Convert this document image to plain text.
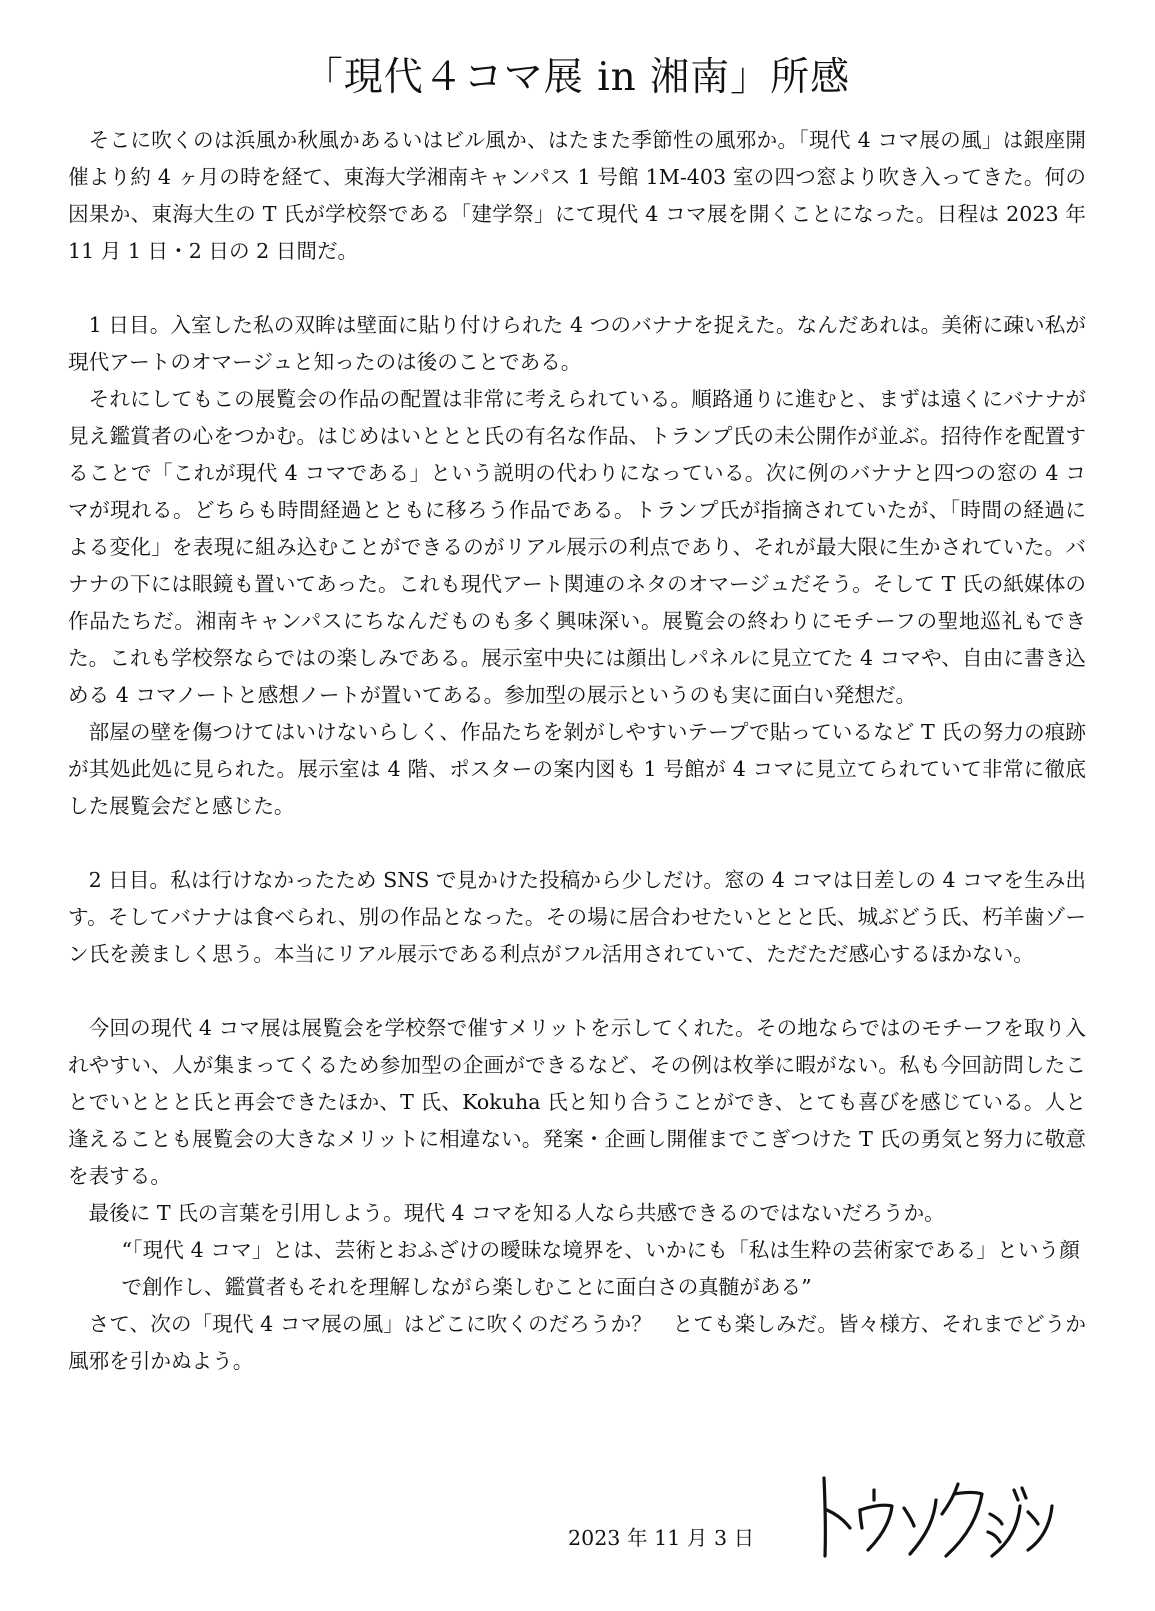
「現代４コマ展 in 湘南」所感

そこに吹くのは浜風か秋風かあるいはビル風か、はたまた季節性の風邪か。「現代 4 コマ展の風」は銀座開催より約 4 ヶ月の時を経て、東海大学湘南キャンパス 1 号館 1M-403 室の四つ窓より吹き入ってきた。何の因果か、東海大生の T 氏が学校祭である「建学祭」にて現代 4 コマ展を開くことになった。日程は 2023 年 11 月 1 日・2 日の 2 日間だ。

1 日目。入室した私の双眸は壁面に貼り付けられた 4 つのバナナを捉えた。なんだあれは。美術に疎い私が現代アートのオマージュと知ったのは後のことである。

それにしてもこの展覧会の作品の配置は非常に考えられている。順路通りに進むと、まずは遠くにバナナが見え鑑賞者の心をつかむ。はじめはいととと氏の有名な作品、トランプ氏の未公開作が並ぶ。招待作を配置することで「これが現代 4 コマである」という説明の代わりになっている。次に例のバナナと四つの窓の 4 コマが現れる。どちらも時間経過とともに移ろう作品である。トランプ氏が指摘されていたが、「時間の経過による変化」を表現に組み込むことができるのがリアル展示の利点であり、それが最大限に生かされていた。バナナの下には眼鏡も置いてあった。これも現代アート関連のネタのオマージュだそう。そして T 氏の紙媒体の作品たちだ。湘南キャンパスにちなんだものも多く興味深い。展覧会の終わりにモチーフの聖地巡礼もできた。これも学校祭ならではの楽しみである。展示室中央には顔出しパネルに見立てた 4 コマや、自由に書き込める 4 コマノートと感想ノートが置いてある。参加型の展示というのも実に面白い発想だ。

部屋の壁を傷つけてはいけないらしく、作品たちを剝がしやすいテープで貼っているなど T 氏の努力の痕跡が其処此処に見られた。展示室は 4 階、ポスターの案内図も 1 号館が 4 コマに見立てられていて非常に徹底した展覧会だと感じた。

2 日目。私は行けなかったため SNS で見かけた投稿から少しだけ。窓の 4 コマは日差しの 4 コマを生み出す。そしてバナナは食べられ、別の作品となった。その場に居合わせたいととと氏、城ぶどう氏、朽羊歯ゾーン氏を羨ましく思う。本当にリアル展示である利点がフル活用されていて、ただただ感心するほかない。

今回の現代 4 コマ展は展覧会を学校祭で催すメリットを示してくれた。その地ならではのモチーフを取り入れやすい、人が集まってくるため参加型の企画ができるなど、その例は枚挙に暇がない。私も今回訪問したことでいととと氏と再会できたほか、T 氏、Kokuha 氏と知り合うことができ、とても喜びを感じている。人と逢えることも展覧会の大きなメリットに相違ない。発案・企画し開催までこぎつけた T 氏の勇気と努力に敬意を表する。

最後に T 氏の言葉を引用しよう。現代 4 コマを知る人なら共感できるのではないだろうか。

“「現代 4 コマ」とは、芸術とおふざけの曖昧な境界を、いかにも「私は生粋の芸術家である」という顔で創作し、鑑賞者もそれを理解しながら楽しむことに面白さの真髄がある”

さて、次の「現代 4 コマ展の風」はどこに吹くのだろうか？　とても楽しみだ。皆々様方、それまでどうか風邪を引かぬよう。

2023 年 11 月 3 日
